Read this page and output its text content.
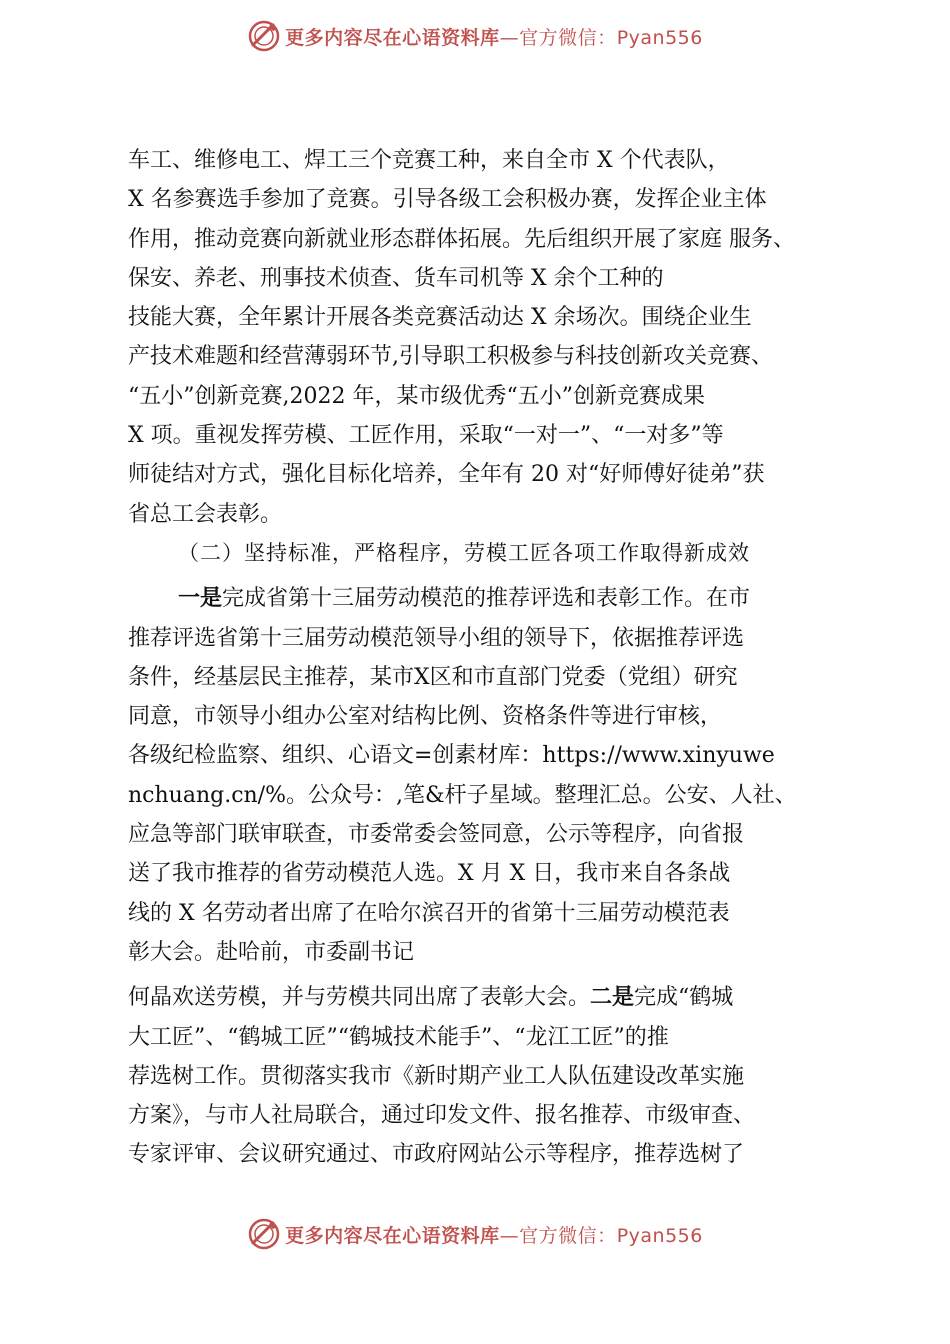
更多内容尽在心语资料库—官方微信：Pyan556
车工、维修电工、焊工三个竞赛工种，来自全市 X 个代表队，
X 名参赛选手参加了竞赛。引导各级工会积极办赛，发挥企业主体
作用，推动竞赛向新就业形态群体拓展。先后组织开展了家庭 服务、
保安、养老、刑事技术侦查、货车司机等 X 余个工种的
技能大赛，全年累计开展各类竞赛活动达 X 余场次。围绕企业生
产技术难题和经营薄弱环节,引导职工积极参与科技创新攻关竞赛、
“五小”创新竞赛,2022 年，某市级优秀“五小”创新竞赛成果
X 项。重视发挥劳模、工匠作用，采取“一对一”、“一对多”等
师徒结对方式，强化目标化培养，全年有 20 对“好师傅好徒弟”获
省总工会表彰。
（二）坚持标准，严格程序，劳模工匠各项工作取得新成效
一是完成省第十三届劳动模范的推荐评选和表彰工作。在市
推荐评选省第十三届劳动模范领导小组的领导下，依据推荐评选
条件，经基层民主推荐，某市X区和市直部门党委（党组）研究
同意，市领导小组办公室对结构比例、资格条件等进行审核，
各级纪检监察、组织、心语文=创素材库：https://www.xinyuwe
nchuang.cn/%。公众号：,笔&杆子星域。整理汇总。公安、人社、
应急等部门联审联查，市委常委会签同意，公示等程序，向省报
送了我市推荐的省劳动模范人选。X 月 X 日，我市来自各条战
线的 X 名劳动者出席了在哈尔滨召开的省第十三届劳动模范表
彰大会。赴哈前，市委副书记
何晶欢送劳模，并与劳模共同出席了表彰大会。二是完成“鹤城
大工匠”、“鹤城工匠”“鹤城技术能手”、“龙江工匠”的推
荐选树工作。贯彻落实我市《新时期产业工人队伍建设改革实施
方案》，与市人社局联合，通过印发文件、报名推荐、市级审查、
专家评审、会议研究通过、市政府网站公示等程序，推荐选树了
更多内容尽在心语资料库—官方微信：Pyan556
